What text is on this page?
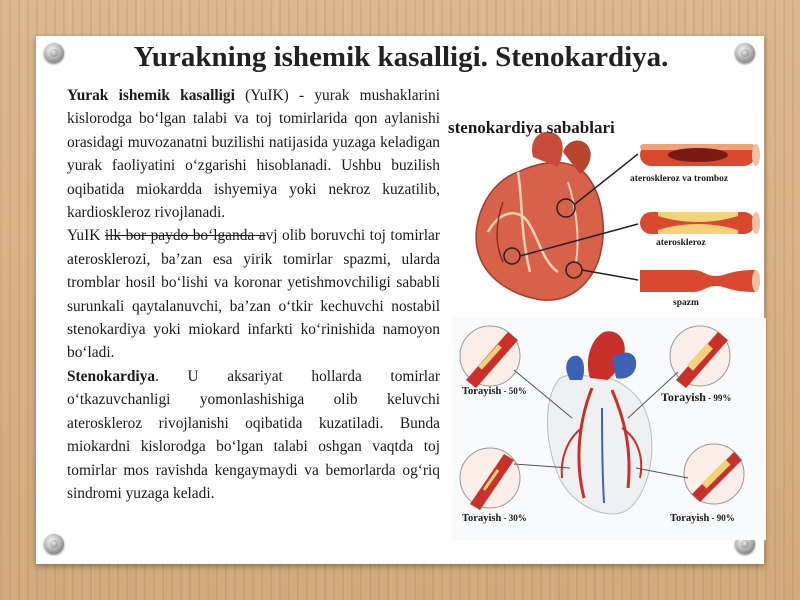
Yurakning ishemik kasalligi. Stenokardiya.

Yurak ishemik kasalligi (YuIK) - yurak mushaklarini kislorodga bo‘lgan talabi va toj tomirlarida qon aylanishi orasidagi muvozanatni buzilishi natijasida yuzaga keladigan yurak faoliyatini o‘zgarishi hisoblanadi. Ushbu buzilish oqibatida miokardda ishyemiya yoki nekroz kuzatilib, kardioskleroz rivojlanadi.

YuIK ilk bor paydo bo‘lganda avj olib boruvchi toj tomirlar aterosklerozi, ba’zan esa yirik tomirlar spazmi, ularda tromblar hosil bo‘lishi va koronar yetishmovchiligi sababli surunkali qaytalanuvchi, ba’zan o‘tkir kechuvchi nostabil stenokardiya yoki miokard infarkti ko‘rinishida namoyon bo‘ladi.

Stenokardiya. U aksariyat hollarda tomirlar o‘tkazuvchanligi yomonlashishiga olib keluvchi ateroskleroz rivojlanishi oqibatida kuzatiladi. Bunda miokardni kislorodga bo‘lgan talabi oshgan vaqtda toj tomirlar mos ravishda kengaymaydi va bemorlarda og‘riq sindromi yuzaga keladi.

stenokardiya sabablari
ateroskleroz va tromboz
ateroskleroz
spazm
Torayish - 50%	Torayish - 99%
Torayish - 30%	Torayish - 90%
